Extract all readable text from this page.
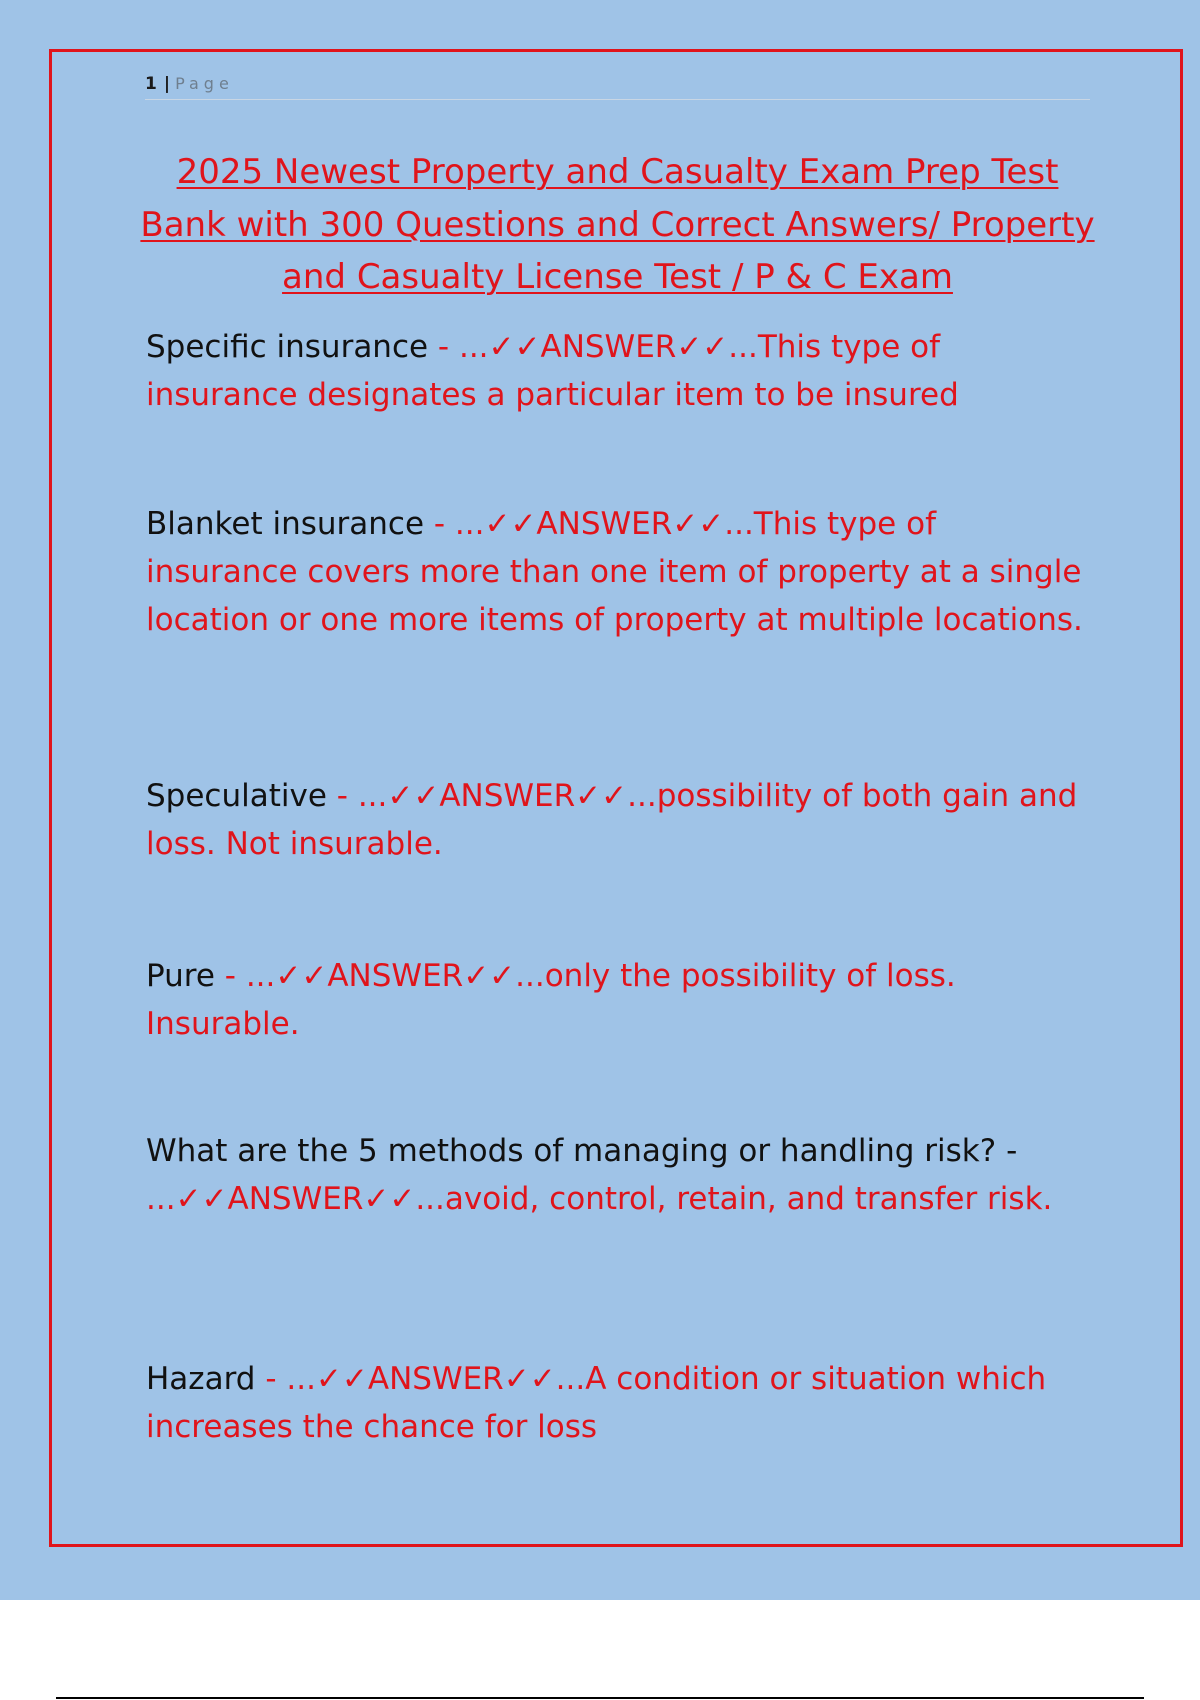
1 | Page
2025 Newest Property and Casualty Exam Prep Test Bank with 300 Questions and Correct Answers/ Property and Casualty License Test / P & C Exam

Specific insurance - ...✓✓ANSWER✓✓...This type of insurance designates a particular item to be insured

Blanket insurance - ...✓✓ANSWER✓✓...This type of insurance covers more than one item of property at a single location or one more items of property at multiple locations.

Speculative - ...✓✓ANSWER✓✓...possibility of both gain and loss. Not insurable.

Pure - ...✓✓ANSWER✓✓...only the possibility of loss. Insurable.

What are the 5 methods of managing or handling risk? - ...✓✓ANSWER✓✓...avoid, control, retain, and transfer risk.

Hazard - ...✓✓ANSWER✓✓...A condition or situation which increases the chance for loss
